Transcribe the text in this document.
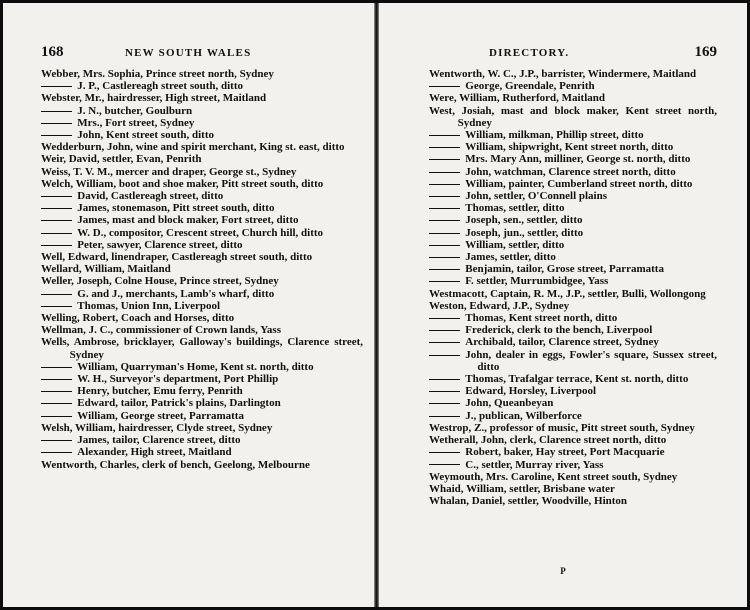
168	NEW SOUTH WALES
Webber, Mrs. Sophia, Prince street north, Sydney
J. P., Castlereagh street south, ditto
Webster, Mr., hairdresser, High street, Maitland
J. N., butcher, Goulburn
Mrs., Fort street, Sydney
John, Kent street south, ditto
Wedderburn, John, wine and spirit merchant, King st. east, ditto
Weir, David, settler, Evan, Penrith
Weiss, T. V. M., mercer and draper, George st., Sydney
Welch, William, boot and shoe maker, Pitt street south, ditto
David, Castlereagh street, ditto
James, stonemason, Pitt street south, ditto
James, mast and block maker, Fort street, ditto
W. D., compositor, Crescent street, Church hill, ditto
Peter, sawyer, Clarence street, ditto
Well, Edward, linendraper, Castlereagh street south, ditto
Wellard, William, Maitland
Weller, Joseph, Colne House, Prince street, Sydney
G. and J., merchants, Lamb's wharf, ditto
Thomas, Union Inn, Liverpool
Welling, Robert, Coach and Horses, ditto
Wellman, J. C., commissioner of Crown lands, Yass
Wells, Ambrose, bricklayer, Galloway's buildings, Clarence street, Sydney
William, Quarryman's Home, Kent st. north, ditto
W. H., Surveyor's department, Port Phillip
Henry, butcher, Emu ferry, Penrith
Edward, tailor, Patrick's plains, Darlington
William, George street, Parramatta
Welsh, William, hairdresser, Clyde street, Sydney
James, tailor, Clarence street, ditto
Alexander, High street, Maitland
Wentworth, Charles, clerk of bench, Geelong, Melbourne
DIRECTORY.	169
Wentworth, W. C., J.P., barrister, Windermere, Maitland
George, Greendale, Penrith
Were, William, Rutherford, Maitland
West, Josiah, mast and block maker, Kent street north, Sydney
William, milkman, Phillip street, ditto
William, shipwright, Kent street north, ditto
Mrs. Mary Ann, milliner, George st. north, ditto
John, watchman, Clarence street north, ditto
William, painter, Cumberland street north, ditto
John, settler, O'Connell plains
Thomas, settler, ditto
Joseph, sen., settler, ditto
Joseph, jun., settler, ditto
William, settler, ditto
James, settler, ditto
Benjamin, tailor, Grose street, Parramatta
F. settler, Murrumbidgee, Yass
Westmacott, Captain, R. M., J.P., settler, Bulli, Wollongong
Weston, Edward, J.P., Sydney
Thomas, Kent street north, ditto
Frederick, clerk to the bench, Liverpool
Archibald, tailor, Clarence street, Sydney
John, dealer in eggs, Fowler's square, Sussex street, ditto
Thomas, Trafalgar terrace, Kent st. north, ditto
Edward, Horsley, Liverpool
John, Queanbeyan
J., publican, Wilberforce
Westrop, Z., professor of music, Pitt street south, Sydney
Wetherall, John, clerk, Clarence street north, ditto
Robert, baker, Hay street, Port Macquarie
C., settler, Murray river, Yass
Weymouth, Mrs. Caroline, Kent street south, Sydney
Whaid, William, settler, Brisbane water
Whalan, Daniel, settler, Woodville, Hinton
P
